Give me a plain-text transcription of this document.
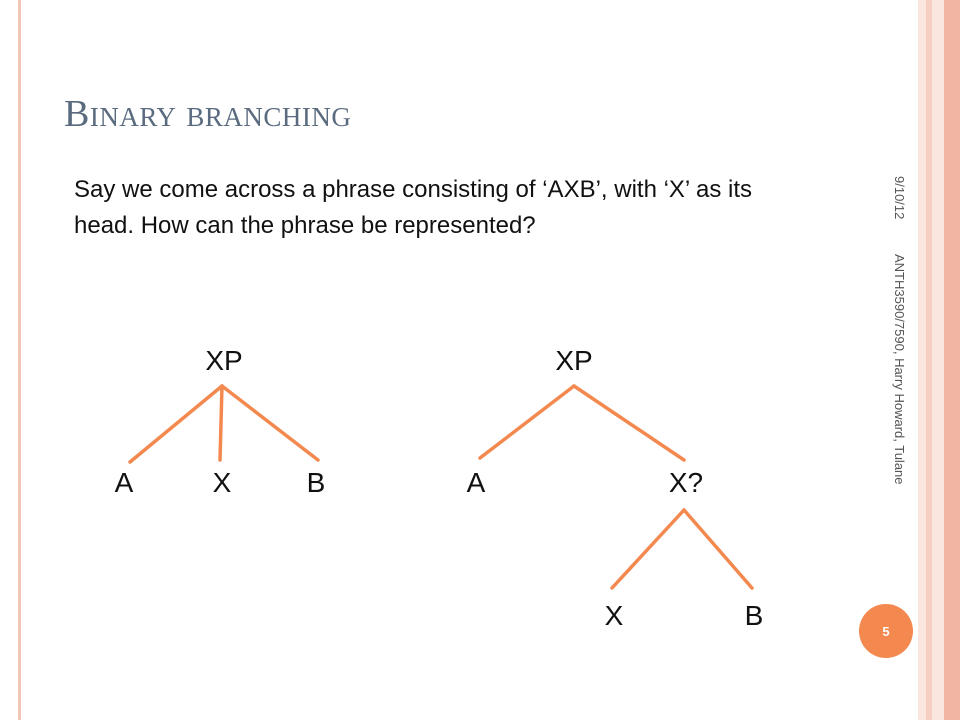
Binary branching
Say we come across a phrase consisting of ‘AXB’, with ‘X’ as its head. How can the phrase be represented?
XP
A	X	B
XP
A	X?
X	B
9/10/12
ANTH3590/7590, Harry Howard, Tulane
5
